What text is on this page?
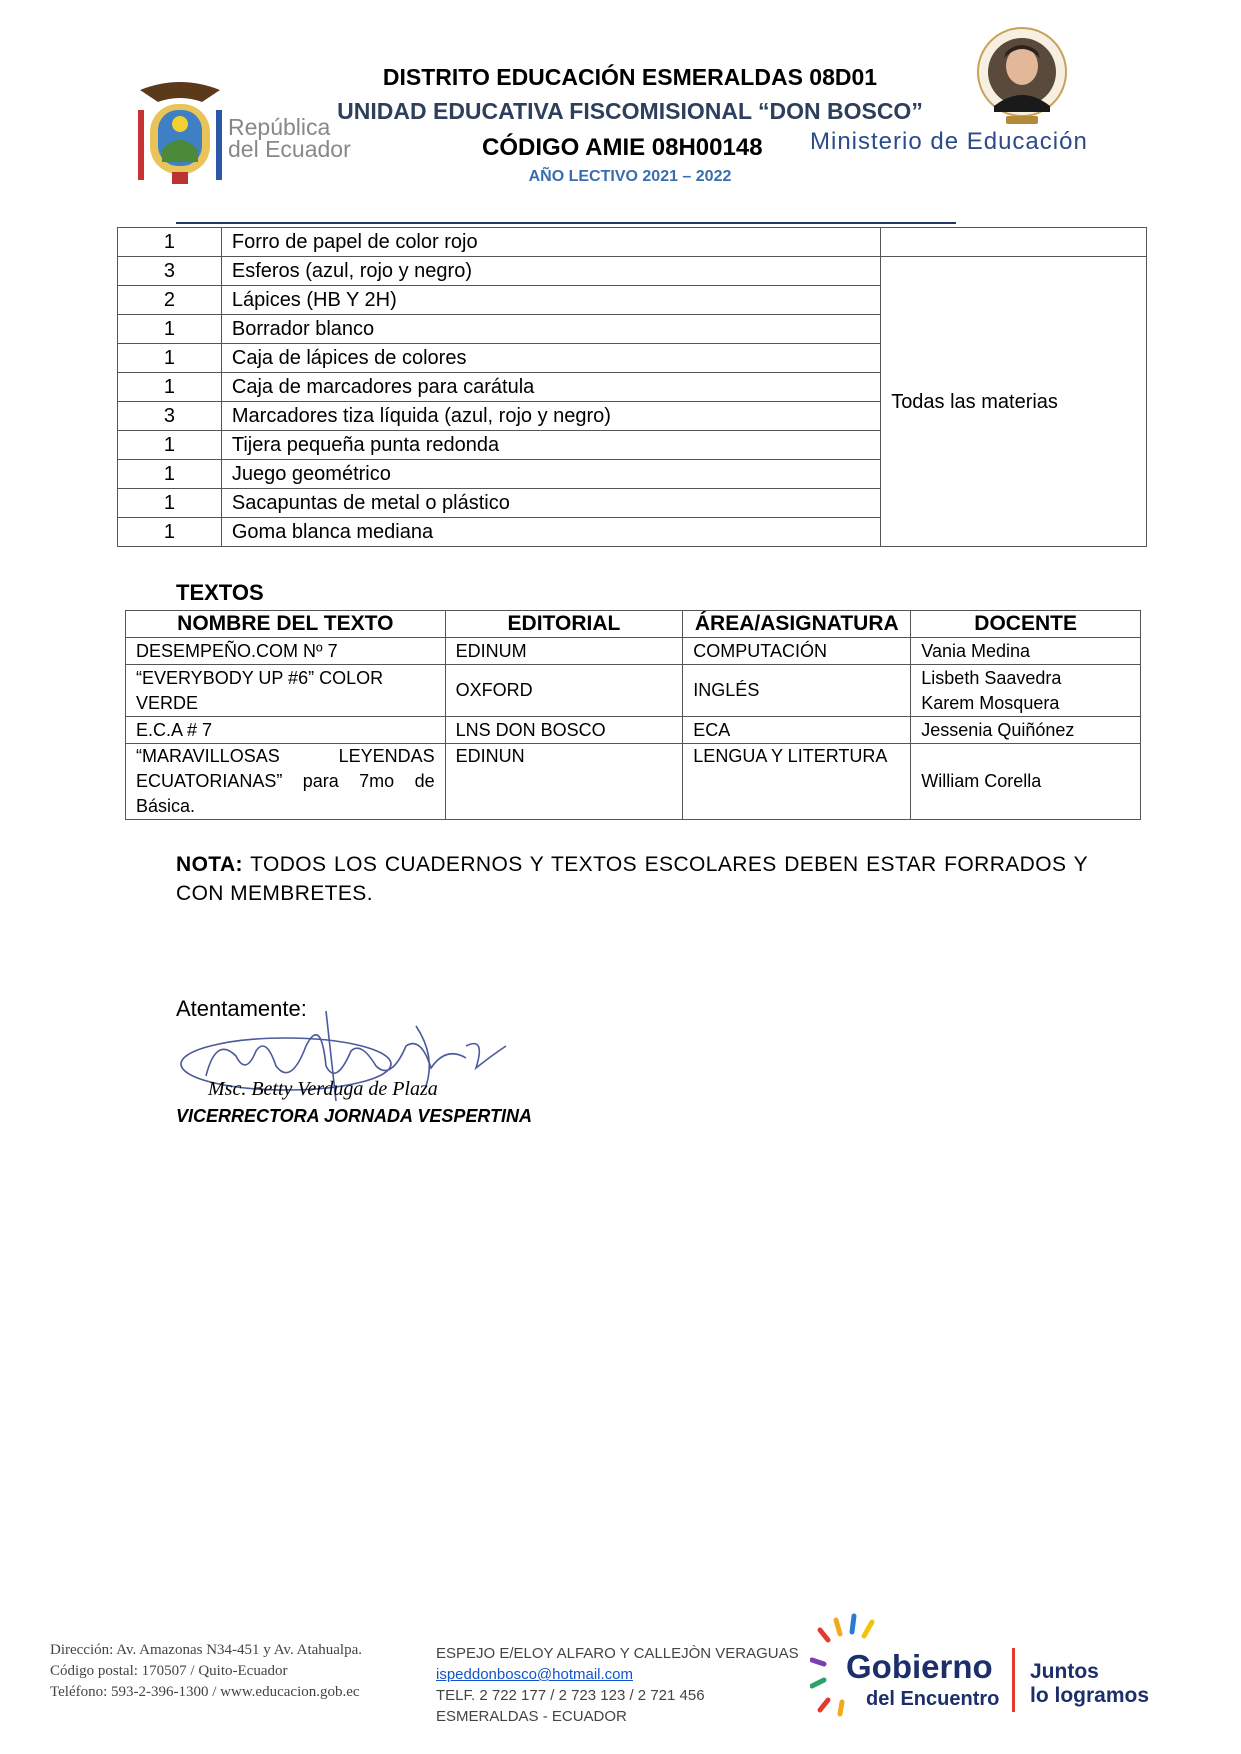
República
del Ecuador
DISTRITO EDUCACIÓN ESMERALDAS 08D01
UNIDAD EDUCATIVA FISCOMISIONAL “DON BOSCO”
CÓDIGO AMIE 08H00148
AÑO LECTIVO 2021 – 2022
Ministerio de Educación
1	Forro de papel de color rojo	
3	Esferos (azul, rojo y negro)	Todas las materias
2	Lápices (HB Y 2H)	
1	Borrador blanco	
1	Caja de lápices de colores	
1	Caja de marcadores para carátula	
3	Marcadores tiza líquida (azul, rojo y negro)	
1	Tijera pequeña punta redonda	
1	Juego geométrico	
1	Sacapuntas de metal o plástico	
1	Goma blanca mediana	
TEXTOS
NOMBRE DEL TEXTO	EDITORIAL	ÁREA/ASIGNATURA	DOCENTE
DESEMPEÑO.COM Nº 7	EDINUM	COMPUTACIÓN	Vania Medina
“EVERYBODY UP #6” COLOR VERDE	OXFORD	INGLÉS	Lisbeth Saavedra
Karem Mosquera

E.C.A # 7	LNS DON BOSCO	ECA	Jessenia Quiñónez
“MARAVILLOSAS LEYENDAS ECUATORIANAS” para 7mo de Básica.	EDINUN	LENGUA Y LITERTURA	William Corella
NOTA: TODOS LOS CUADERNOS Y TEXTOS ESCOLARES DEBEN ESTAR FORRADOS Y CON MEMBRETES.
Atentamente:
Msc. Betty Verduga de Plaza
VICERRECTORA JORNADA VESPERTINA
Dirección: Av. Amazonas N34-451 y Av. Atahualpa.
Código postal: 170507 / Quito-Ecuador
Teléfono: 593-2-396-1300 / www.educacion.gob.ec
ESPEJO E/ELOY ALFARO Y CALLEJÒN VERAGUAS
ispeddonbosco@hotmail.com
TELF. 2 722 177 / 2 723 123 / 2 721 456
ESMERALDAS - ECUADOR
Gobierno
del Encuentro
Juntos
lo logramos
